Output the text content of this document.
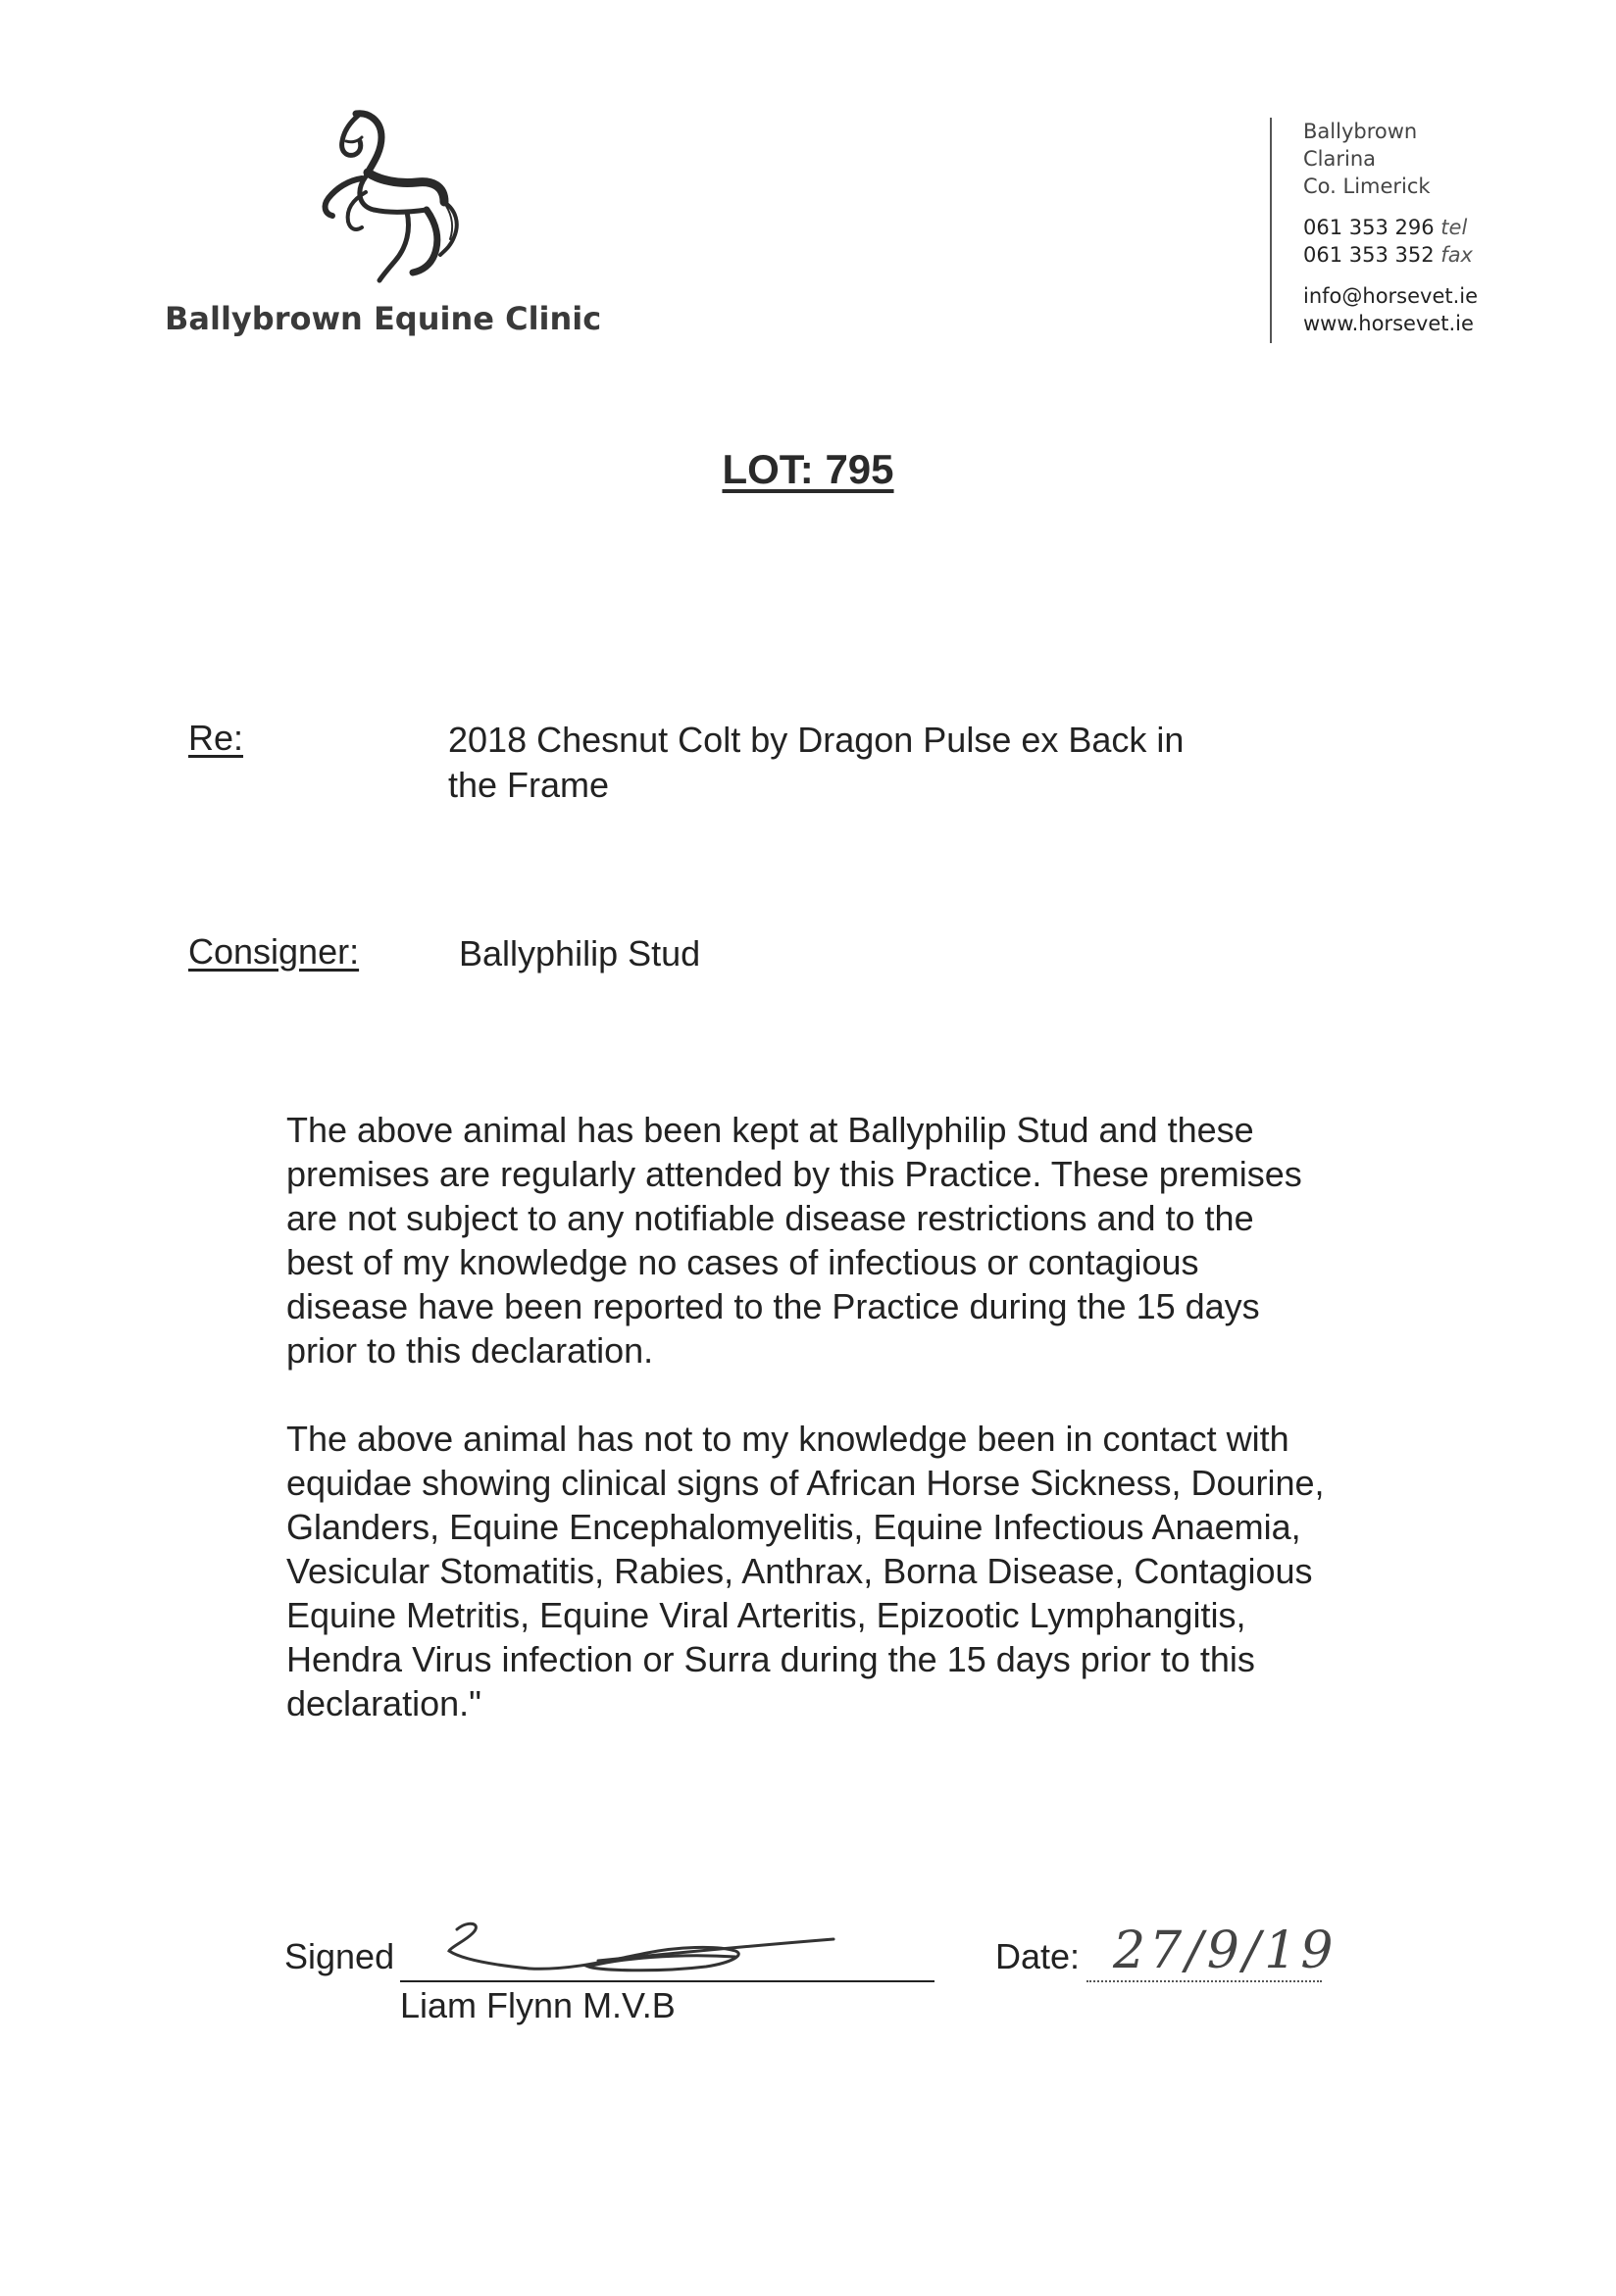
Ballybrown Equine Clinic
Ballybrown
Clarina
Co. Limerick
061 353 296 tel
061 353 352 fax
info@horsevet.ie
www.horsevet.ie
LOT: 795
Re:	2018 Chesnut Colt by Dragon Pulse ex Back in
the Frame
Consigner:	Ballyphilip Stud
The above animal has been kept at Ballyphilip Stud and these premises are regularly attended by this Practice. These premises are not subject to any notifiable disease restrictions and to the best of my knowledge no cases of infectious or contagious disease have been reported to the Practice during the 15 days prior to this declaration.
The above animal has not to my knowledge been in contact with equidae showing clinical signs of African Horse Sickness, Dourine, Glanders, Equine Encephalomyelitis, Equine Infectious Anaemia, Vesicular Stomatitis, Rabies, Anthrax, Borna Disease, Contagious Equine Metritis, Equine Viral Arteritis, Epizootic Lymphangitis, Hendra Virus infection or Surra during the 15 days prior to this declaration."
Signed
Liam Flynn M.V.B
Date: 27/9/19
